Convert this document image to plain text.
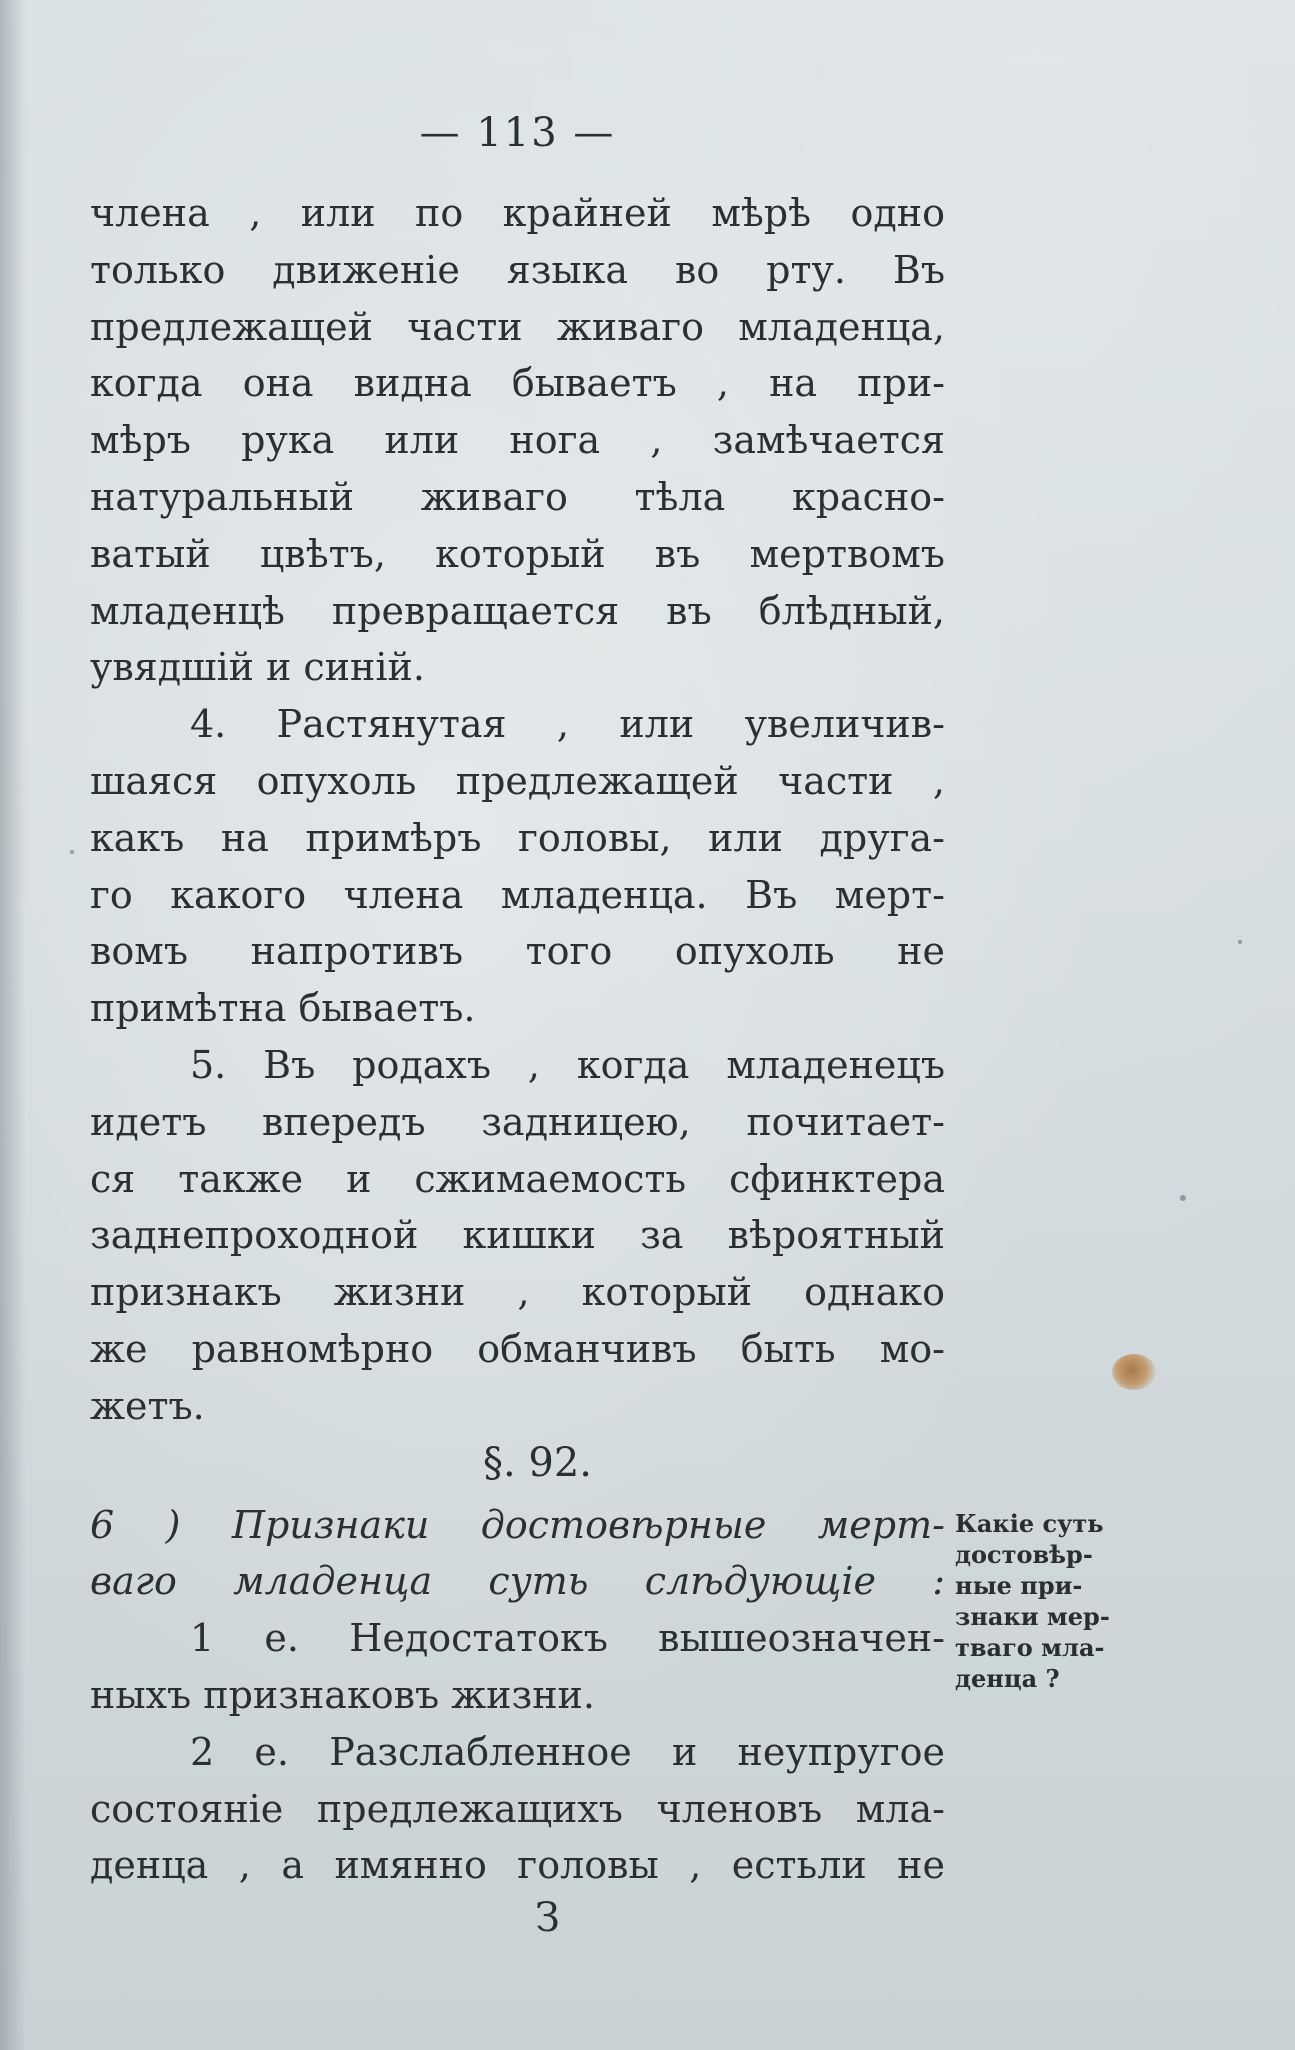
— 113 —
члена , или по крайней мѣрѣ одно
только движеніе языка во рту. Въ
предлежащей части живаго младенца,
когда она видна бываетъ , на при-
мѣръ рука или нога , замѣчается
натуральный живаго тѣла красно-
ватый цвѣтъ, который въ мертвомъ
младенцѣ превращается въ блѣдный,
увядшій и синій.
4. Растянутая , или увеличив-
шаяся опухоль предлежащей части ,
какъ на примѣръ головы, или друга-
го какого члена младенца. Въ мерт-
вомъ напротивъ того опухоль не
примѣтна бываетъ.
5. Въ родахъ , когда младенецъ
идетъ впередъ задницею, почитает-
ся также и сжимаемость сфинктера
заднепроходной кишки за вѣроятный
признакъ жизни , который однако
же равномѣрно обманчивъ быть мо-
жетъ.
§. 92.
6 ) Признаки достовѣрные мерт-
ваго младенца суть слѣдующіе :
1 е. Недостатокъ вышеозначен-
ныхъ признаковъ жизни.
2 е. Разслабленное и неупругое
состояніе предлежащихъ членовъ мла-
денца , а имянно головы , естьли не
Какіе суть
достовѣр-
ные при-
знаки мер-
тваго мла-
денца ?
З
